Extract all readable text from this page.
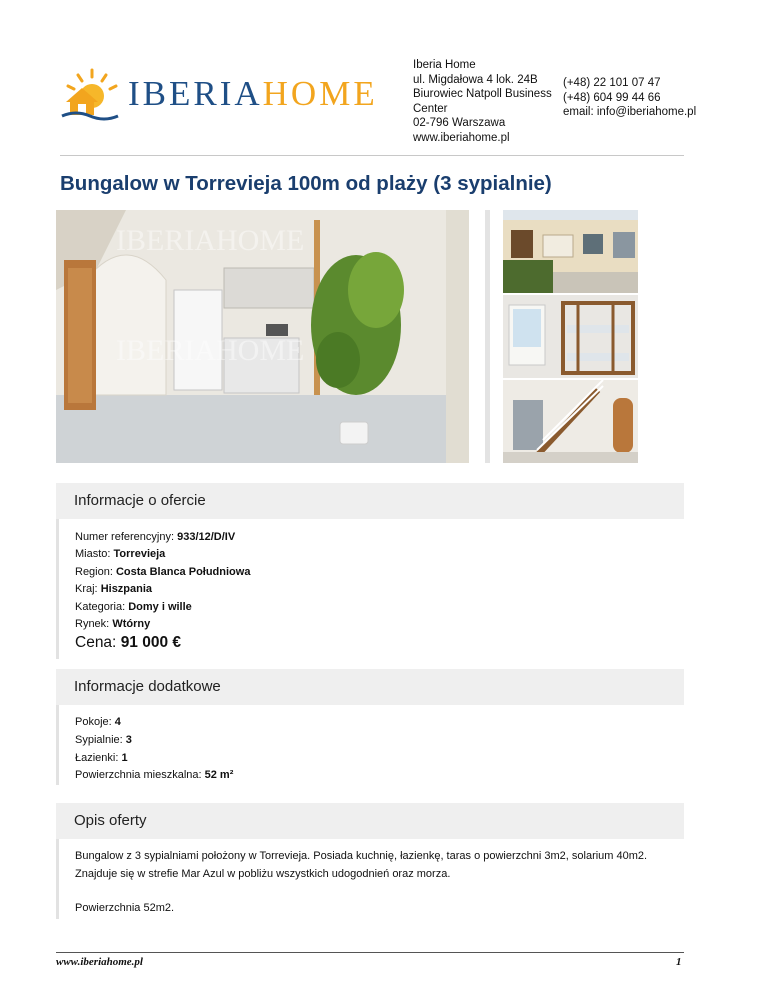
IBERIAHOME
Iberia Home
ul. Migdałowa 4 lok. 24B
Biurowiec Natpoll Business
Center
02-796 Warszawa
www.iberiahome.pl
(+48) 22 101 07 47
(+48) 604 99 44 66
email: info@iberiahome.pl
Bungalow w Torrevieja 100m od plaży (3 sypialnie)
IBERIAHOME
IBERIAHOME
Informacje o ofercie
Numer referencyjny: 933/12/D/IV
Miasto: Torrevieja
Region: Costa Blanca Południowa
Kraj: Hiszpania
Kategoria: Domy i wille
Rynek: Wtórny
Cena: 91 000 €
Informacje dodatkowe
Pokoje: 4
Sypialnie: 3
Łazienki: 1
Powierzchnia mieszkalna: 52 m²
Opis oferty
Bungalow z 3 sypialniami położony w Torrevieja. Posiada kuchnię, łazienkę, taras o powierzchni 3m2, solarium 40m2.
Znajduje się w strefie Mar Azul w pobliżu wszystkich udogodnień oraz morza.
Powierzchnia 52m2.
www.iberiahome.pl	1
